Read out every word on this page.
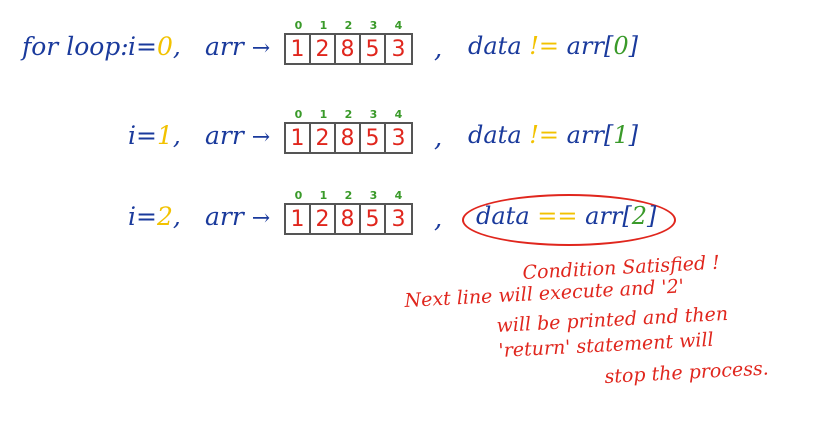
for loop: i=0, arr →
0	1	2	3	4
1 2 8 5 3 , data != arr[0]
i=1, arr →
0	1	2	3	4
1 2 8 5 3 , data != arr[1]
i=2, arr →
0	1	2	3	4
1 2 8 5 3 , data == arr[2]
Condition Satisfied !
Next line will execute and '2'
will be printed and then
'return' statement will
stop the process.
